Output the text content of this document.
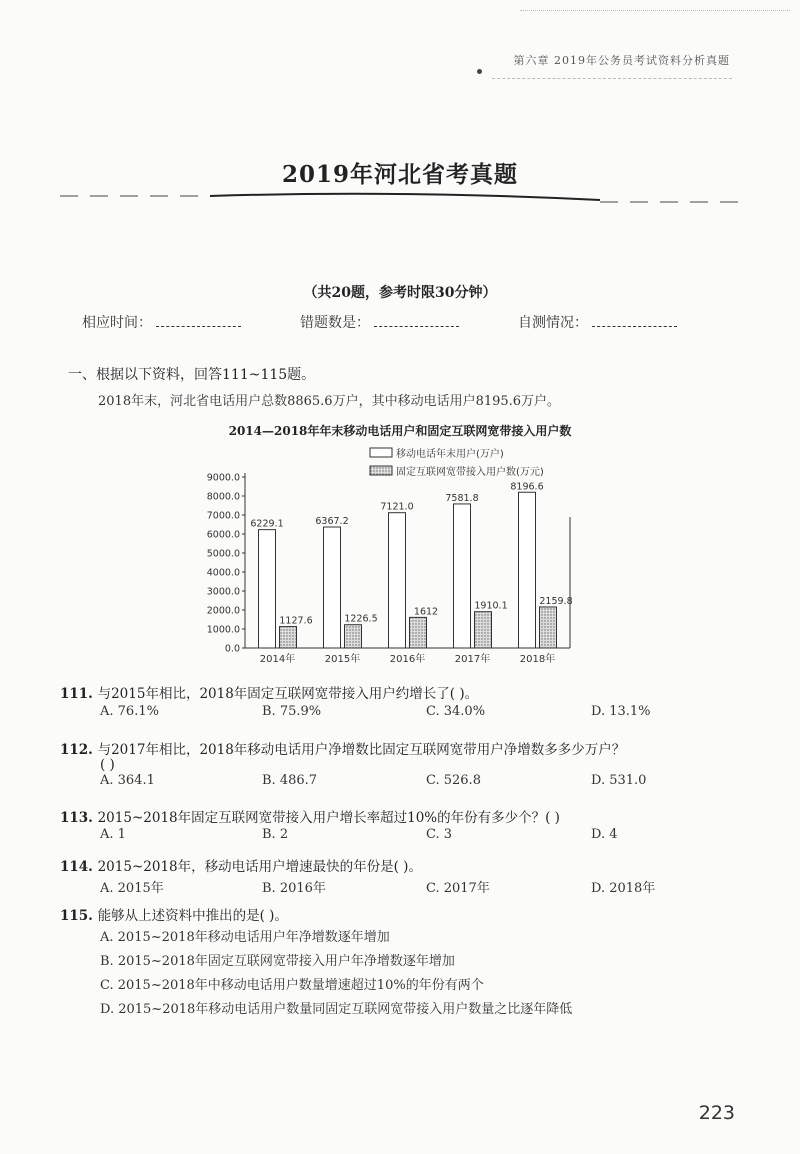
第六章 2019年公务员考试资料分析真题
2019年河北省考真题
（共20题，参考时限30分钟）
相应时间：	错题数是：	自测情况：
一、根据以下资料，回答111~115题。
2018年末，河北省电话用户总数8865.6万户，其中移动电话用户8195.6万户。
2014—2018年年末移动电话用户和固定互联网宽带接入用户数
移动电话年末用户(万户)
固定互联网宽带接入用户数(万元)
0.0
1000.0
2000.0
3000.0
4000.0
5000.0
6000.0
7000.0
8000.0
9000.0
2014年	2015年	2016年	2017年	2018年
6229.1
1127.6
6367.2
1226.5
7121.0
1612
7581.8
1910.1
8196.6
2159.8
111. 与2015年相比，2018年固定互联网宽带接入用户约增长了( )。
A. 76.1%	B. 75.9%	C. 34.0%	D. 13.1%
112. 与2017年相比，2018年移动电话用户净增数比固定互联网宽带用户净增数多多少万户？
( )
A. 364.1	B. 486.7	C. 526.8	D. 531.0
113. 2015~2018年固定互联网宽带接入用户增长率超过10%的年份有多少个？( )
A. 1	B. 2	C. 3	D. 4
114. 2015~2018年，移动电话用户增速最快的年份是( )。
A. 2015年	B. 2016年	C. 2017年	D. 2018年
115. 能够从上述资料中推出的是( )。
A. 2015~2018年移动电话用户年净增数逐年增加
B. 2015~2018年固定互联网宽带接入用户年净增数逐年增加
C. 2015~2018年中移动电话用户数量增速超过10%的年份有两个
D. 2015~2018年移动电话用户数量同固定互联网宽带接入用户数量之比逐年降低
223
